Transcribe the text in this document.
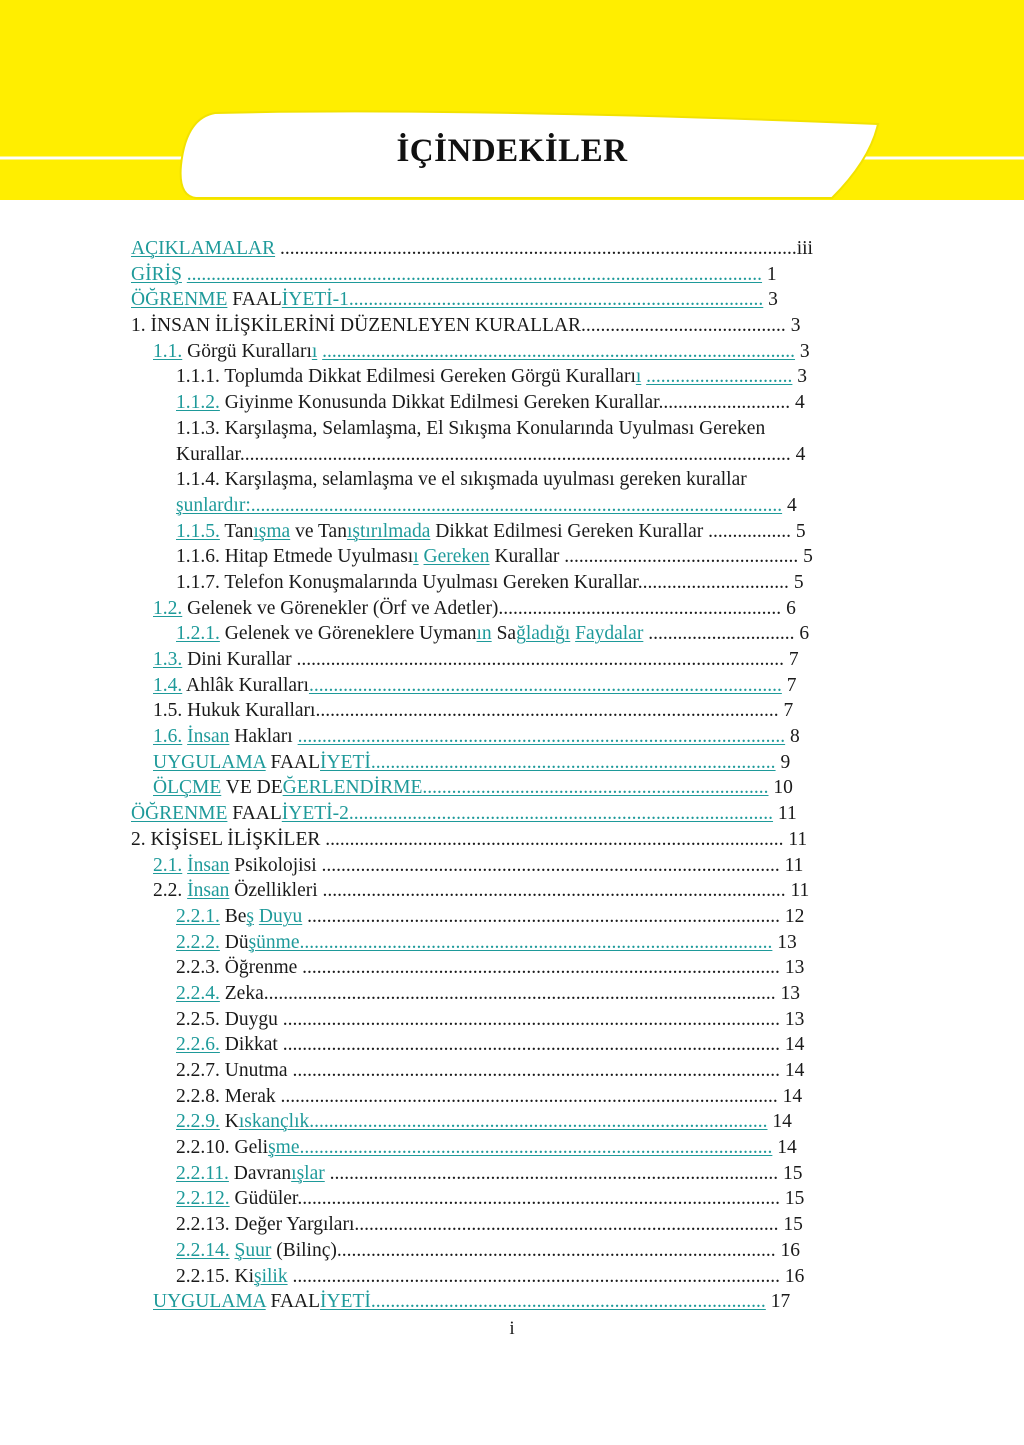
İÇİNDEKİLER
AÇIKLAMALAR ..........................................................................................................iii
GİRİŞ ...................................................................................................................... 1
ÖĞRENME FAALİYETİ-1..................................................................................... 3
1. İNSAN İLİŞKİLERİNİ DÜZENLEYEN KURALLAR.......................................... 3
1.1. Görgü Kurallarıı ................................................................................................. 3
1.1.1. Toplumda Dikkat Edilmesi Gereken Görgü Kurallarıı .............................. 3
1.1.2. Giyinme Konusunda Dikkat Edilmesi Gereken Kurallar........................... 4
1.1.3. Karşılaşma, Selamlaşma, El Sıkışma Konularında Uyulması Gereken
Kurallar................................................................................................................. 4
1.1.4. Karşılaşma, selamlaşma ve el sıkışmada uyulması gereken kurallar
şunlardır:............................................................................................................. 4
1.1.5. Tanışma ve Tanıştırılmada Dikkat Edilmesi Gereken Kurallar ................. 5
1.1.6. Hitap Etmede Uyulmasıı Gereken Kurallar ................................................ 5
1.1.7. Telefon Konuşmalarında Uyulması Gereken Kurallar............................... 5
1.2. Gelenek ve Görenekler (Örf ve Adetler).......................................................... 6
1.2.1. Gelenek ve Göreneklere Uymanın Sağladığı Faydalar .............................. 6
1.3. Dini Kurallar .................................................................................................... 7
1.4. Ahlâk Kuralları................................................................................................. 7
1.5. Hukuk Kuralları............................................................................................... 7
1.6. İnsan Hakları .................................................................................................... 8
UYGULAMA FAALİYETİ................................................................................... 9
ÖLÇME VE DEĞERLENDİRME....................................................................... 10
ÖĞRENME FAALİYETİ-2....................................................................................... 11
2. KİŞİSEL İLİŞKİLER .............................................................................................. 11
2.1. İnsan Psikolojisi .............................................................................................. 11
2.2. İnsan Özellikleri ............................................................................................... 11
2.2.1. Beş Duyu ................................................................................................. 12
2.2.2. Düşünme................................................................................................. 13
2.2.3. Öğrenme .................................................................................................. 13
2.2.4. Zeka......................................................................................................... 13
2.2.5. Duygu ...................................................................................................... 13
2.2.6. Dikkat ...................................................................................................... 14
2.2.7. Unutma .................................................................................................... 14
2.2.8. Merak ...................................................................................................... 14
2.2.9. Kıskançlık.............................................................................................. 14
2.2.10. Gelişme................................................................................................. 14
2.2.11. Davranışlar ............................................................................................ 15
2.2.12. Güdüler................................................................................................... 15
2.2.13. Değer Yargıları....................................................................................... 15
2.2.14. Şuur (Bilinç).......................................................................................... 16
2.2.15. Kişilik .................................................................................................... 16
UYGULAMA FAALİYETİ................................................................................. 17
i
